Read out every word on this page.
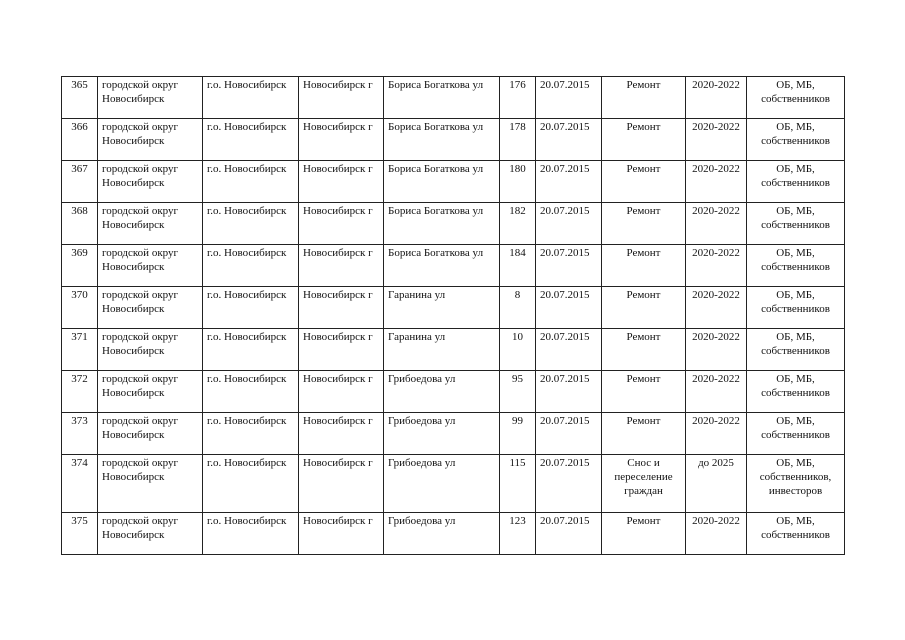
365	городской округ Новосибирск	г.о. Новосибирск	Новосибирск г	Бориса Богаткова ул	176	20.07.2015	Ремонт	2020-2022	ОБ, МБ, собственников
366	городской округ Новосибирск	г.о. Новосибирск	Новосибирск г	Бориса Богаткова ул	178	20.07.2015	Ремонт	2020-2022	ОБ, МБ, собственников
367	городской округ Новосибирск	г.о. Новосибирск	Новосибирск г	Бориса Богаткова ул	180	20.07.2015	Ремонт	2020-2022	ОБ, МБ, собственников
368	городской округ Новосибирск	г.о. Новосибирск	Новосибирск г	Бориса Богаткова ул	182	20.07.2015	Ремонт	2020-2022	ОБ, МБ, собственников
369	городской округ Новосибирск	г.о. Новосибирск	Новосибирск г	Бориса Богаткова ул	184	20.07.2015	Ремонт	2020-2022	ОБ, МБ, собственников
370	городской округ Новосибирск	г.о. Новосибирск	Новосибирск г	Гаранина ул	8	20.07.2015	Ремонт	2020-2022	ОБ, МБ, собственников
371	городской округ Новосибирск	г.о. Новосибирск	Новосибирск г	Гаранина ул	10	20.07.2015	Ремонт	2020-2022	ОБ, МБ, собственников
372	городской округ Новосибирск	г.о. Новосибирск	Новосибирск г	Грибоедова ул	95	20.07.2015	Ремонт	2020-2022	ОБ, МБ, собственников
373	городской округ Новосибирск	г.о. Новосибирск	Новосибирск г	Грибоедова ул	99	20.07.2015	Ремонт	2020-2022	ОБ, МБ, собственников
374	городской округ Новосибирск	г.о. Новосибирск	Новосибирск г	Грибоедова ул	115	20.07.2015	Снос и переселение граждан	до 2025	ОБ, МБ, собственников, инвесторов
375	городской округ Новосибирск	г.о. Новосибирск	Новосибирск г	Грибоедова ул	123	20.07.2015	Ремонт	2020-2022	ОБ, МБ, собственников
